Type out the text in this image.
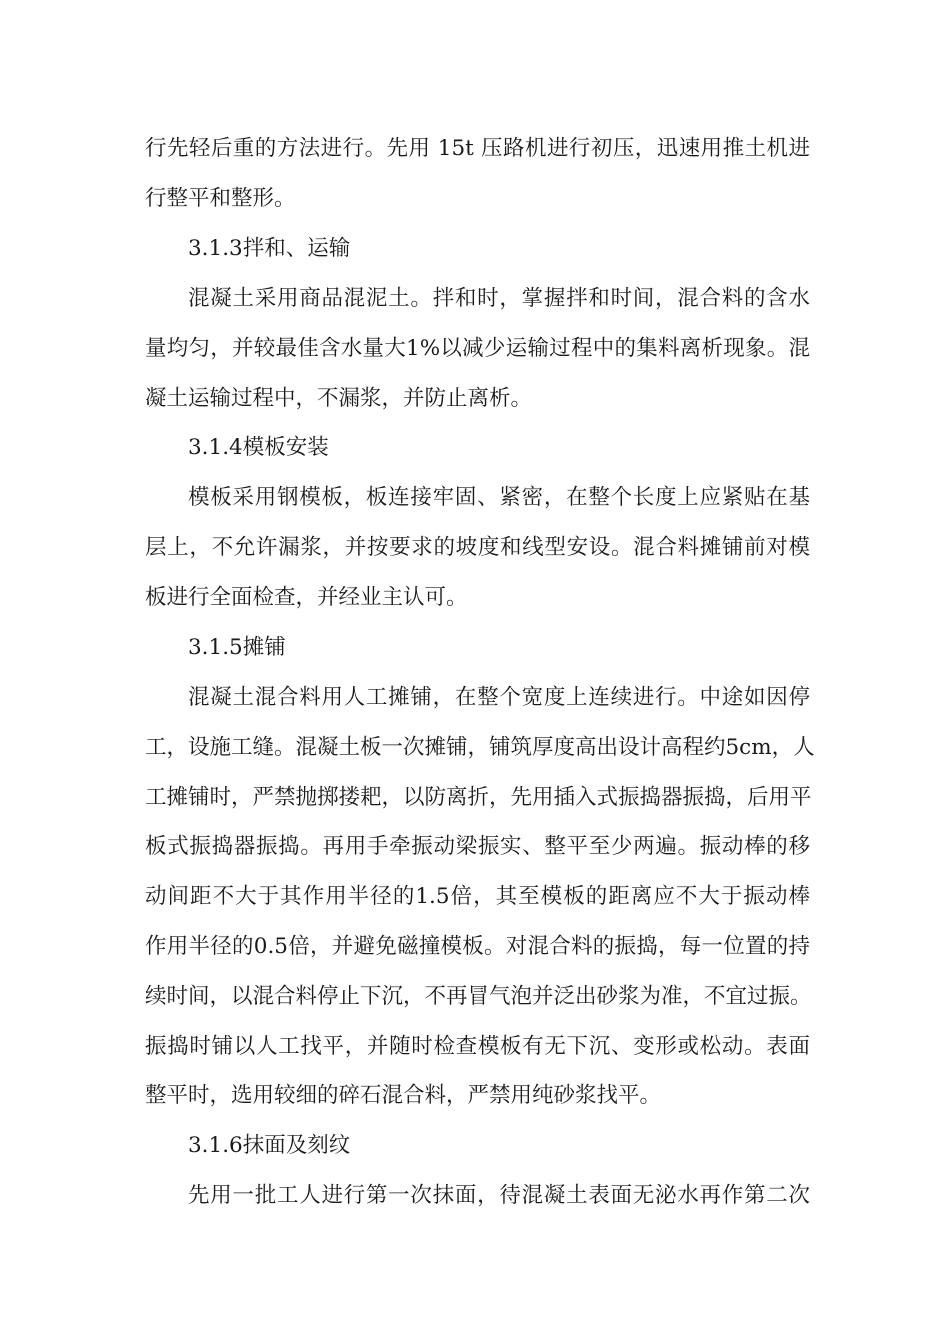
行先轻后重的方法进行。先用 15t 压路机进行初压，迅速用推土机进
行整平和整形。
3.1.3拌和、运输
混凝土采用商品混泥土。拌和时，掌握拌和时间，混合料的含水
量均匀，并较最佳含水量大1%以减少运输过程中的集料离析现象。混
凝土运输过程中，不漏浆，并防止离析。
3.1.4模板安装
模板采用钢模板，板连接牢固、紧密，在整个长度上应紧贴在基
层上，不允许漏浆，并按要求的坡度和线型安设。混合料摊铺前对模
板进行全面检查，并经业主认可。
3.1.5摊铺
混凝土混合料用人工摊铺，在整个宽度上连续进行。中途如因停
工，设施工缝。混凝土板一次摊铺，铺筑厚度高出设计高程约5cm，人
工摊铺时，严禁抛掷搂耙，以防离折，先用插入式振捣器振捣，后用平
板式振捣器振捣。再用手牵振动梁振实、整平至少两遍。振动棒的移
动间距不大于其作用半径的1.5倍，其至模板的距离应不大于振动棒
作用半径的0.5倍，并避免磁撞模板。对混合料的振捣，每一位置的持
续时间，以混合料停止下沉，不再冒气泡并泛出砂浆为准，不宜过振。
振捣时铺以人工找平，并随时检查模板有无下沉、变形或松动。表面
整平时，选用较细的碎石混合料，严禁用纯砂浆找平。
3.1.6抹面及刻纹
先用一批工人进行第一次抹面，待混凝土表面无泌水再作第二次
